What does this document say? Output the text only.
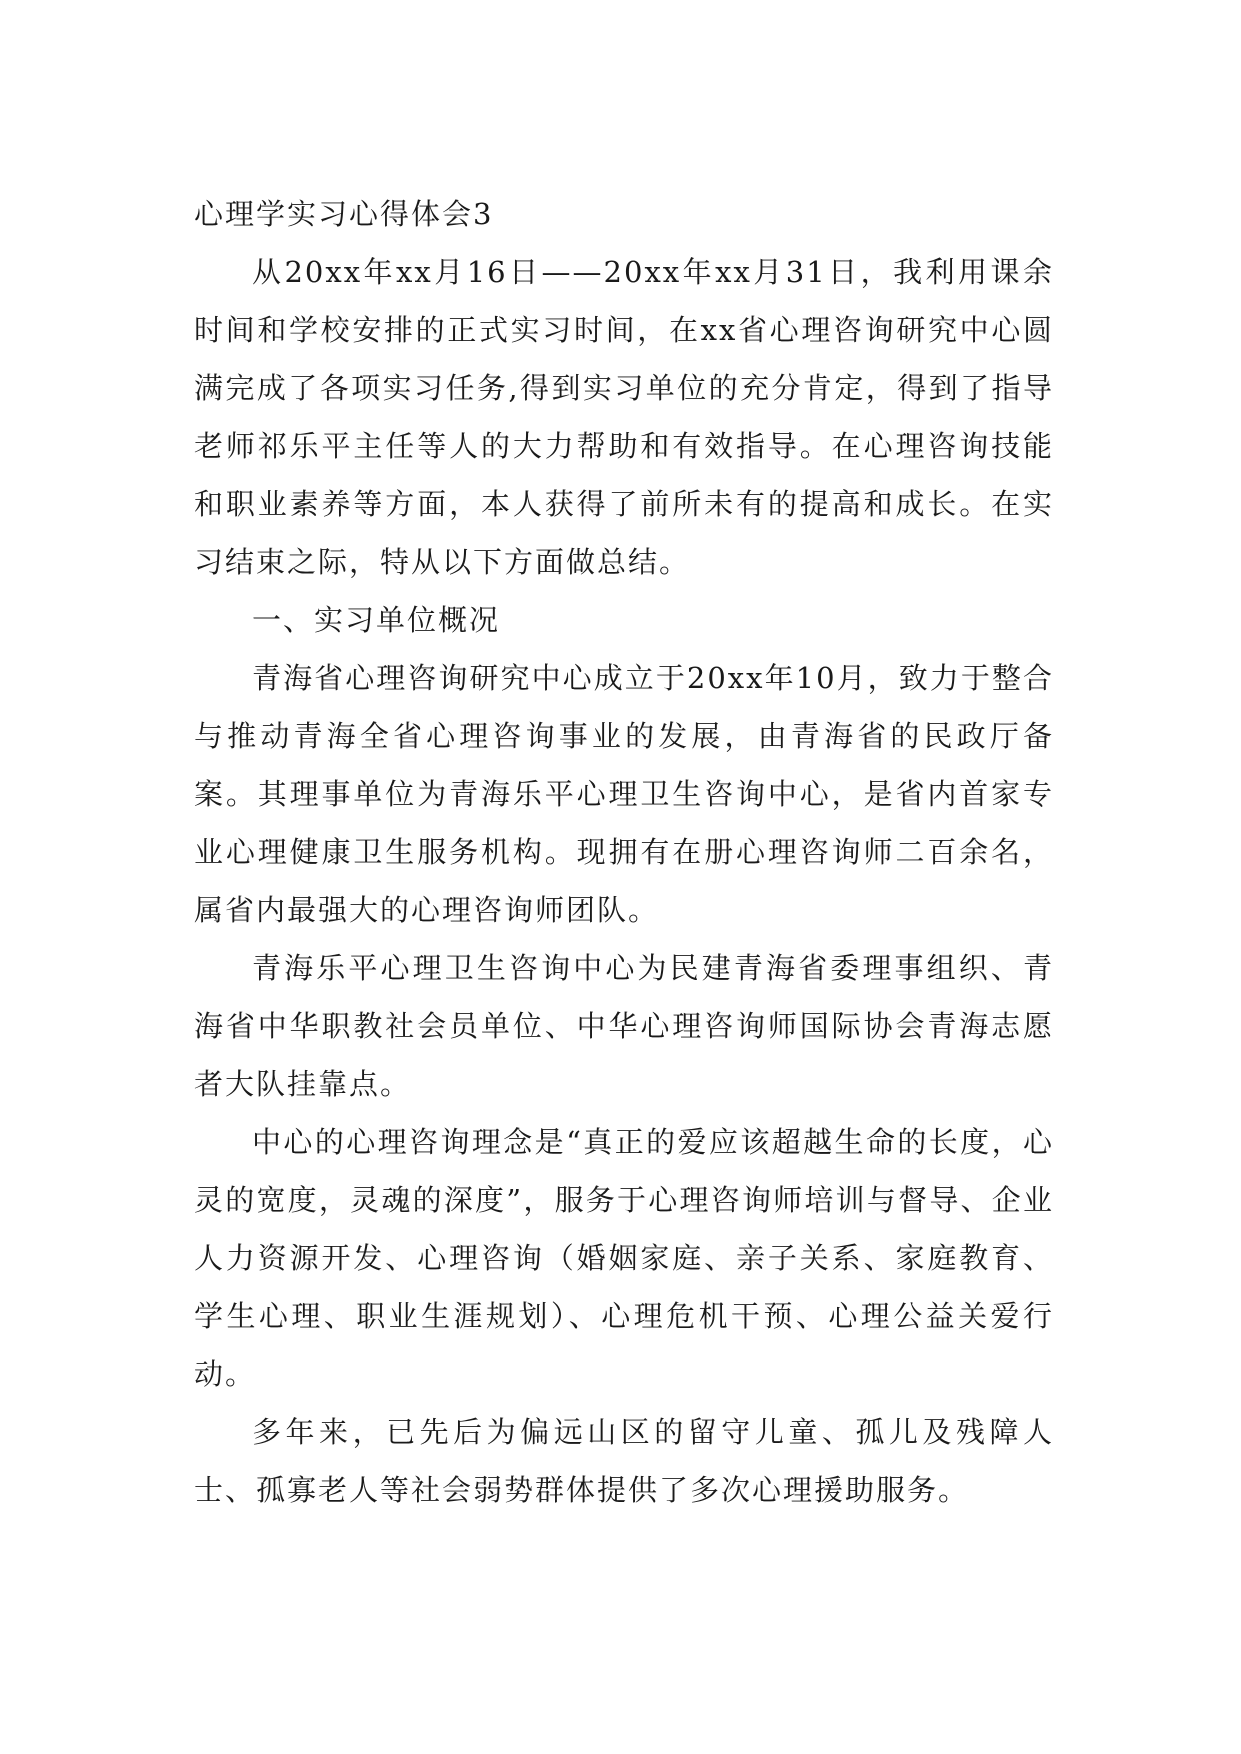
心理学实习心得体会3

从20xx年xx月16日——20xx年xx月31日，我利用课余时间和学校安排的正式实习时间，在xx省心理咨询研究中心圆满完成了各项实习任务,得到实习单位的充分肯定，得到了指导老师祁乐平主任等人的大力帮助和有效指导。在心理咨询技能和职业素养等方面，本人获得了前所未有的提高和成长。在实习结束之际，特从以下方面做总结。

一、实习单位概况

青海省心理咨询研究中心成立于20xx年10月，致力于整合与推动青海全省心理咨询事业的发展，由青海省的民政厅备案。其理事单位为青海乐平心理卫生咨询中心，是省内首家专业心理健康卫生服务机构。现拥有在册心理咨询师二百余名，属省内最强大的心理咨询师团队。

青海乐平心理卫生咨询中心为民建青海省委理事组织、青海省中华职教社会员单位、中华心理咨询师国际协会青海志愿者大队挂靠点。

中心的心理咨询理念是“真正的爱应该超越生命的长度，心灵的宽度，灵魂的深度”，服务于心理咨询师培训与督导、企业人力资源开发、心理咨询（婚姻家庭、亲子关系、家庭教育、学生心理、职业生涯规划）、心理危机干预、心理公益关爱行动。

多年来，已先后为偏远山区的留守儿童、孤儿及残障人士、孤寡老人等社会弱势群体提供了多次心理援助服务。
